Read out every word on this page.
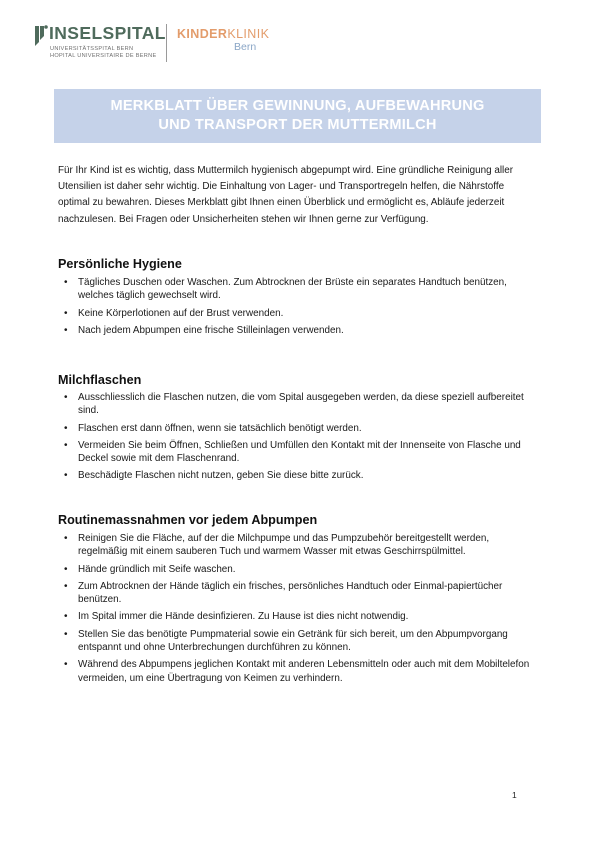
INSELSPITAL
UNIVERSITÄTSSPITAL BERN
HOPITAL UNIVERSITAIRE DE BERNE
KINDERKLINIK
Bern
MERKBLATT ÜBER GEWINNUNG, AUFBEWAHRUNG
UND TRANSPORT DER MUTTERMILCH
Für Ihr Kind ist es wichtig, dass Muttermilch hygienisch abgepumpt wird. Eine gründliche Reinigung aller Utensilien ist daher sehr wichtig. Die Einhaltung von Lager- und Transportregeln helfen, die Nährstoffe optimal zu bewahren. Dieses Merkblatt gibt Ihnen einen Überblick und ermöglicht es, Abläufe jederzeit nachzulesen. Bei Fragen oder Unsicherheiten stehen wir Ihnen gerne zur Verfügung.
Persönliche Hygiene
• Tägliches Duschen oder Waschen. Zum Abtrocknen der Brüste ein separates Handtuch benützen, welches täglich gewechselt wird.
• Keine Körperlotionen auf der Brust verwenden.
• Nach jedem Abpumpen eine frische Stilleinlagen verwenden.
Milchflaschen
• Ausschliesslich die Flaschen nutzen, die vom Spital ausgegeben werden, da diese speziell aufbereitet sind.
• Flaschen erst dann öffnen, wenn sie tatsächlich benötigt werden.
• Vermeiden Sie beim Öffnen, Schließen und Umfüllen den Kontakt mit der Innenseite von Flasche und Deckel sowie mit dem Flaschenrand.
• Beschädigte Flaschen nicht nutzen, geben Sie diese bitte zurück.
Routinemassnahmen vor jedem Abpumpen
• Reinigen Sie die Fläche, auf der die Milchpumpe und das Pumpzubehör bereitgestellt werden, regelmäßig mit einem sauberen Tuch und warmem Wasser mit etwas Geschirrspülmittel.
• Hände gründlich mit Seife waschen.
• Zum Abtrocknen der Hände täglich ein frisches, persönliches Handtuch oder Einmal-papiertücher benützen.
• Im Spital immer die Hände desinfizieren. Zu Hause ist dies nicht notwendig.
• Stellen Sie das benötigte Pumpmaterial sowie ein Getränk für sich bereit, um den Abpumpvorgang entspannt und ohne Unterbrechungen durchführen zu können.
• Während des Abpumpens jeglichen Kontakt mit anderen Lebensmitteln oder auch mit dem Mobiltelefon vermeiden, um eine Übertragung von Keimen zu verhindern.
1
